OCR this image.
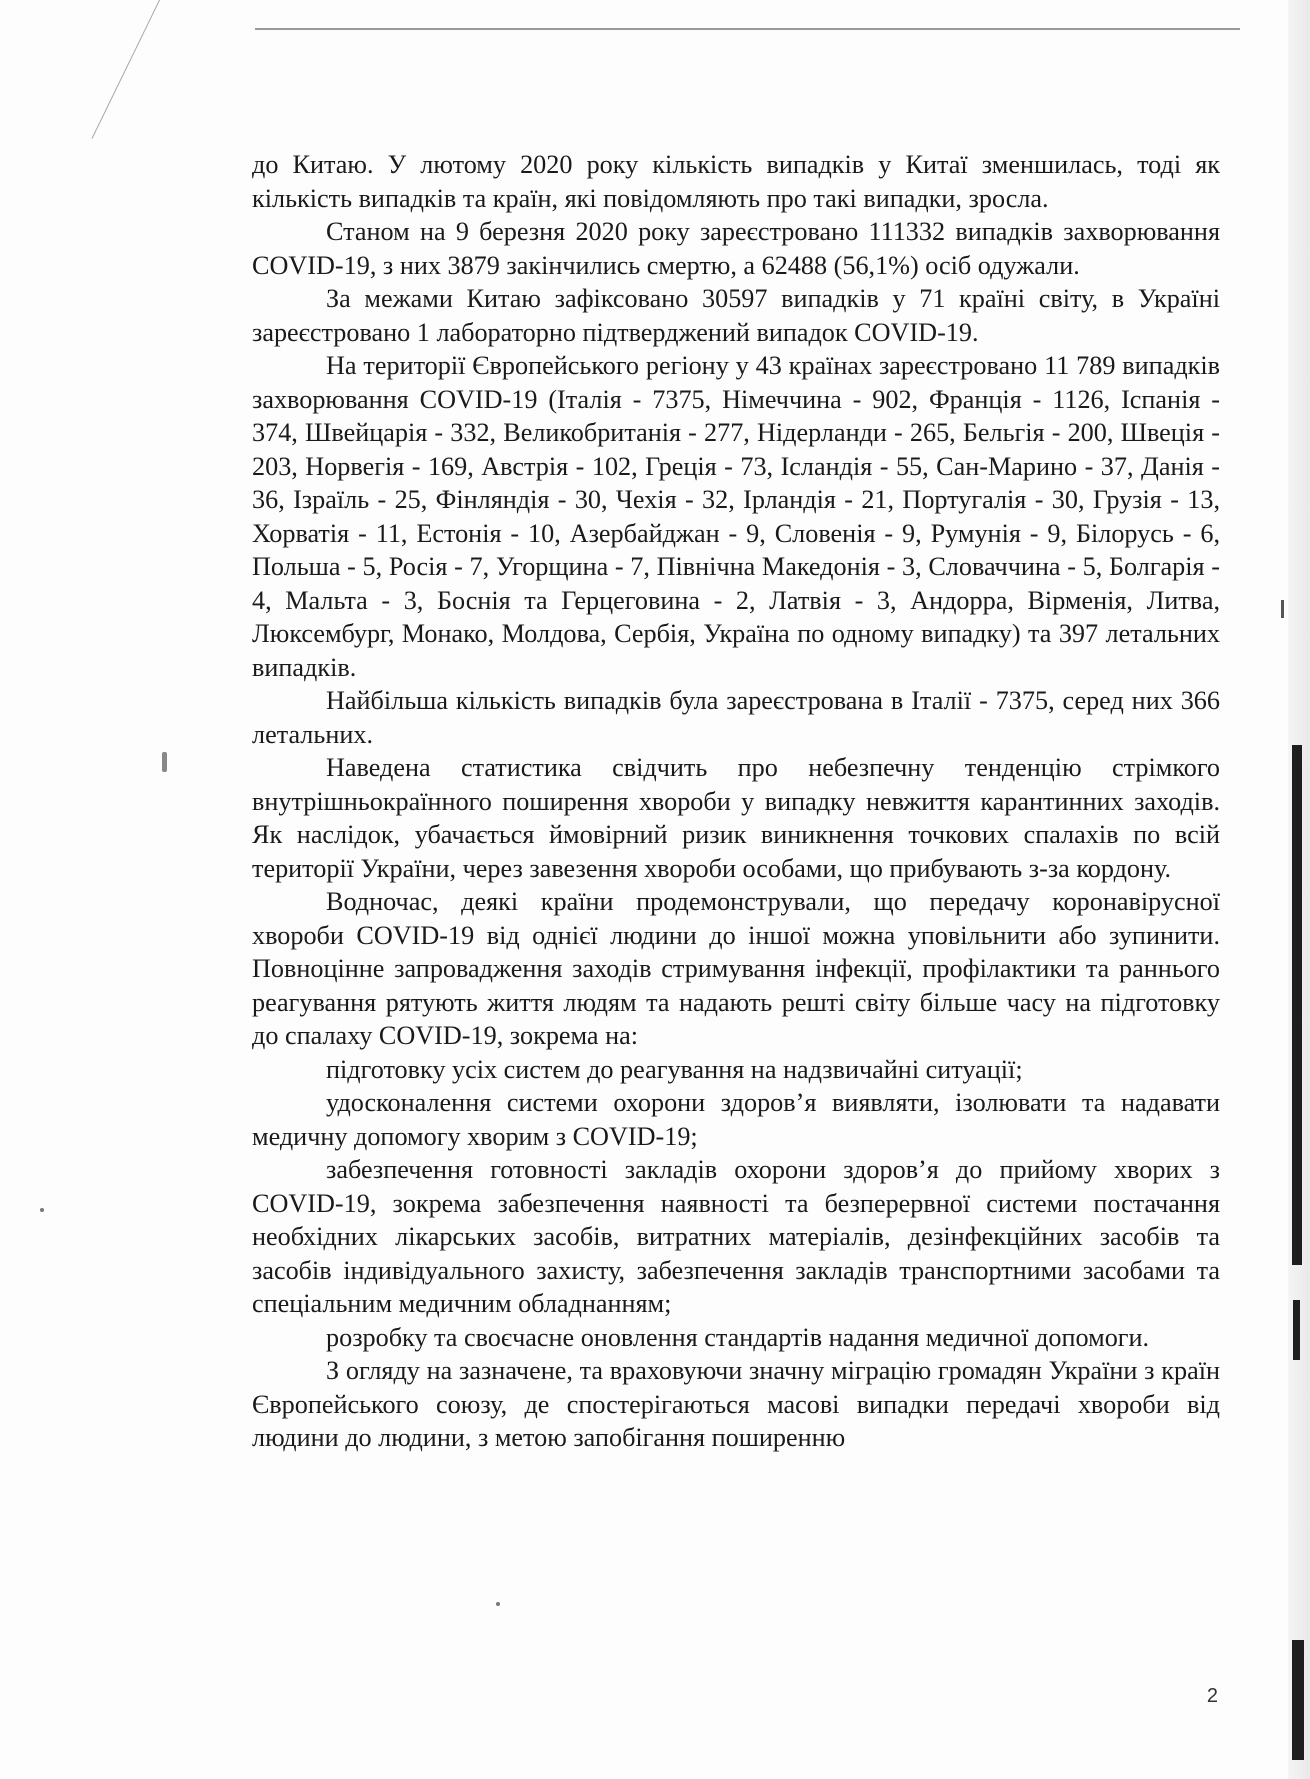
до Китаю. У лютому 2020 року кількість випадків у Китаї зменшилась, тоді як кількість випадків та країн, які повідомляють про такі випадки, зросла.

Станом на 9 березня 2020 року зареєстровано 111332 випадків захворювання COVID-19, з них 3879 закінчились смертю, а 62488 (56,1%) осіб одужали.

За межами Китаю зафіксовано 30597 випадків у 71 країні світу, в Україні зареєстровано 1 лабораторно підтверджений випадок COVID-19.

На території Європейського регіону у 43 країнах зареєстровано 11 789 випадків захворювання COVID-19 (Італія - 7375, Німеччина - 902, Франція - 1126, Іспанія - 374, Швейцарія - 332, Великобританія - 277, Нідерланди - 265, Бельгія - 200, Швеція - 203, Норвегія - 169, Австрія - 102, Греція - 73, Ісландія - 55, Сан-Марино - 37, Данія - 36, Ізраїль - 25, Фінляндія - 30, Чехія - 32, Ірландія - 21, Португалія - 30, Грузія - 13, Хорватія - 11, Естонія - 10, Азербайджан - 9, Словенія - 9, Румунія - 9, Білорусь - 6, Польша - 5, Росія - 7, Угорщина - 7, Північна Македонія - 3, Словаччина - 5, Болгарія - 4, Мальта - 3, Боснія та Герцеговина - 2, Латвія - 3, Андорра, Вірменія, Литва, Люксембург, Монако, Молдова, Сербія, Україна по одному випадку) та 397 летальних випадків.

Найбільша кількість випадків була зареєстрована в Італії - 7375, серед них 366 летальних.

Наведена статистика свідчить про небезпечну тенденцію стрімкого внутрішньокраїнного поширення хвороби у випадку невжиття карантинних заходів. Як наслідок, убачається ймовірний ризик виникнення точкових спалахів по всій території України, через завезення хвороби особами, що прибувають з-за кордону.

Водночас, деякі країни продемонстрували, що передачу коронавірусної хвороби COVID-19 від однієї людини до іншої можна уповільнити або зупинити. Повноцінне запровадження заходів стримування інфекції, профілактики та раннього реагування рятують життя людям та надають решті світу більше часу на підготовку до спалаху COVID-19, зокрема на:

підготовку усіх систем до реагування на надзвичайні ситуації;

удосконалення системи охорони здоров’я виявляти, ізолювати та надавати медичну допомогу хворим з COVID-19;

забезпечення готовності закладів охорони здоров’я до прийому хворих з COVID-19, зокрема забезпечення наявності та безперервної системи постачання необхідних лікарських засобів, витратних матеріалів, дезінфекційних засобів та засобів індивідуального захисту, забезпечення закладів транспортними засобами та спеціальним медичним обладнанням;

розробку та своєчасне оновлення стандартів надання медичної допомоги.

З огляду на зазначене, та враховуючи значну міграцію громадян України з країн Європейського союзу, де спостерігаються масові випадки передачі хвороби від людини до людини, з метою запобігання поширенню

2
